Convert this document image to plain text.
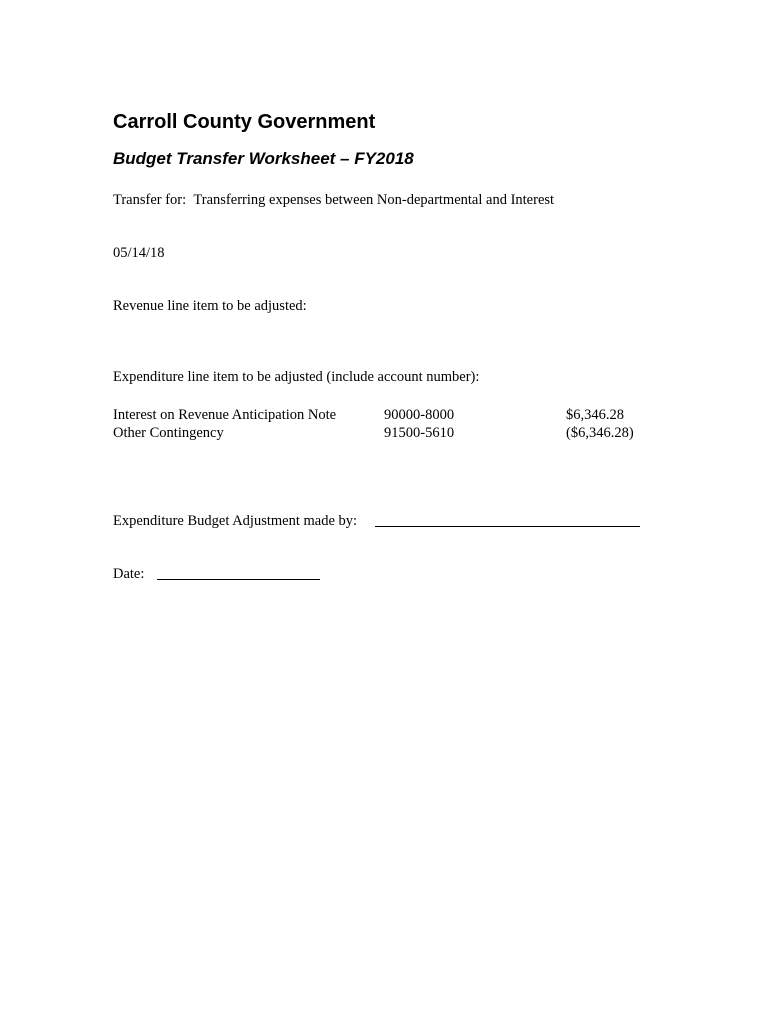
Carroll County Government
Budget Transfer Worksheet – FY2018
Transfer for: Transferring expenses between Non-departmental and Interest
05/14/18
Revenue line item to be adjusted:
Expenditure line item to be adjusted (include account number):
Interest on Revenue Anticipation Note	90000-8000	$6,346.28
Other Contingency	91500-5610	($6,346.28)
Expenditure Budget Adjustment made by:
Date:
